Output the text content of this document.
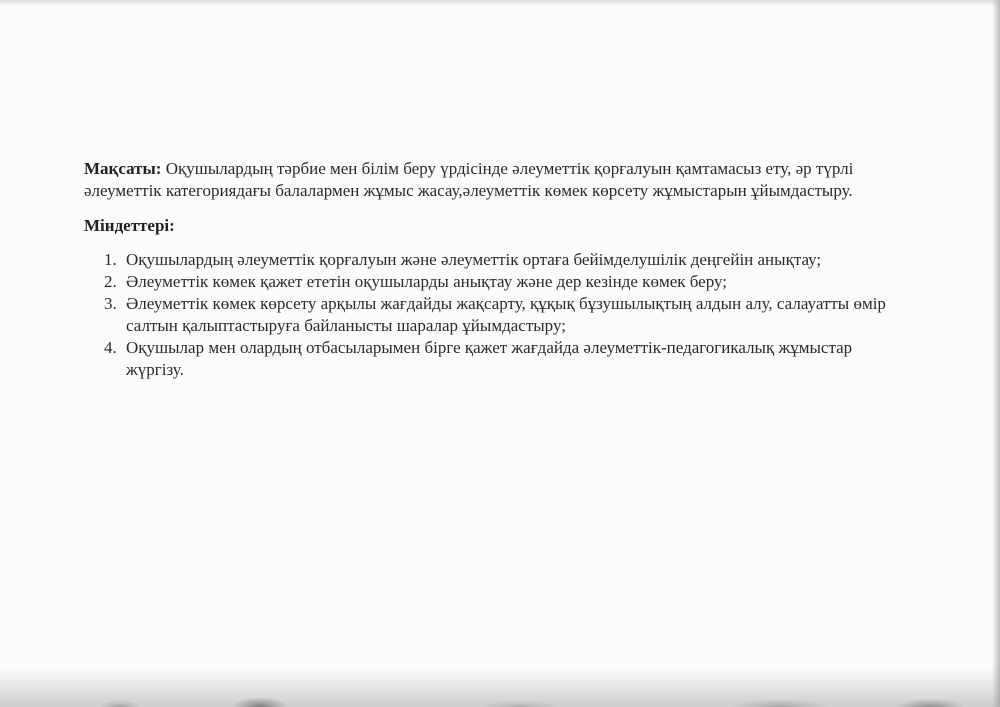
Мақсаты: Оқушылардың тәрбие мен білім беру үрдісінде әлеуметтік қорғалуын қамтамасыз ету, әр түрлі әлеуметтік категориядағы балалармен жұмыс жасау,әлеуметтік көмек көрсету жұмыстарын ұйымдастыру.

Міндеттері:
1. Оқушылардың әлеуметтік қорғалуын және әлеуметтік ортаға бейімделушілік деңгейін анықтау;
2. Әлеуметтік көмек қажет ететін оқушыларды анықтау және дер кезінде көмек беру;
3. Әлеуметтік көмек көрсету арқылы жағдайды жақсарту, құқық бұзушылықтың алдын алу, салауатты өмір салтын қалыптастыруға байланысты шаралар ұйымдастыру;
4. Оқушылар мен олардың отбасыларымен бірге қажет жағдайда әлеуметтік-педагогикалық жұмыстар жүргізу.
